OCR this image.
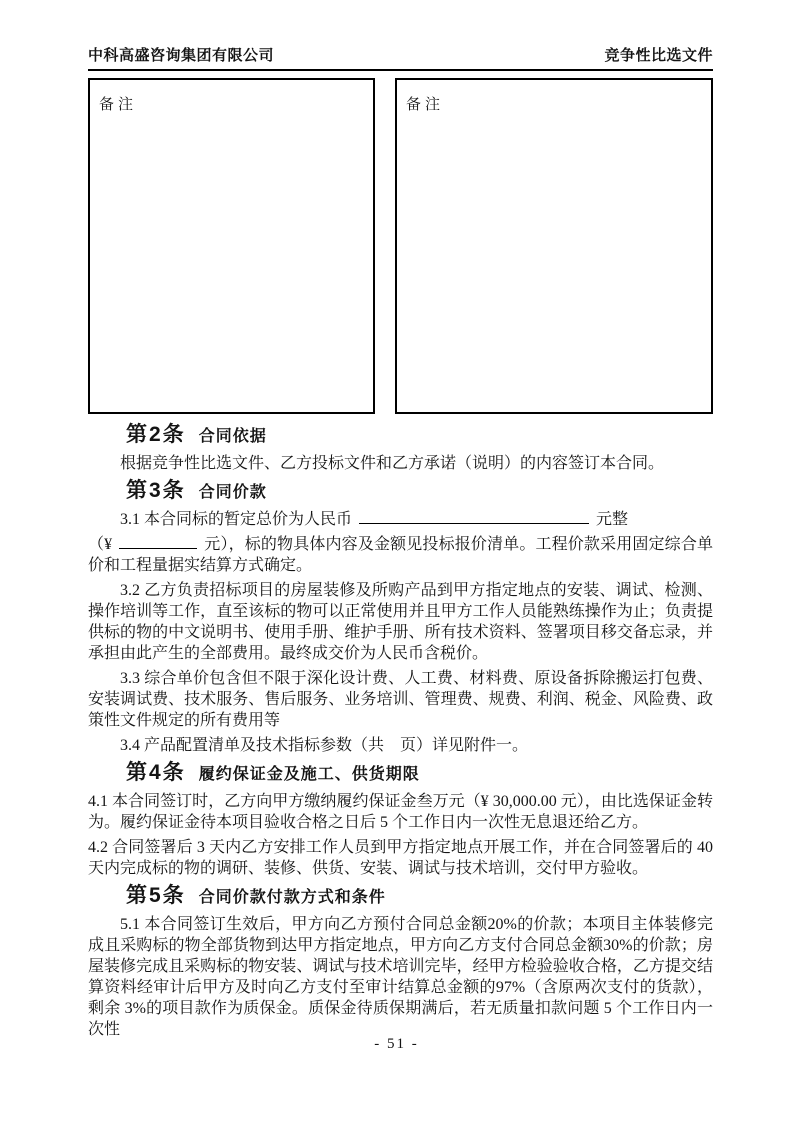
中科高盛咨询集团有限公司	竞争性比选文件
备注	备注
第2条 合同依据
根据竞争性比选文件、乙方投标文件和乙方承诺（说明）的内容签订本合同。
第3条 合同价款
3.1 本合同标的暂定总价为人民币	元整
（¥	元），标的物具体内容及金额见投标报价清单。工程价款采用固定综合单价和工程量据实结算方式确定。
3.2 乙方负责招标项目的房屋装修及所购产品到甲方指定地点的安装、调试、检测、操作培训等工作，直至该标的物可以正常使用并且甲方工作人员能熟练操作为止；负责提供标的物的中文说明书、使用手册、维护手册、所有技术资料、签署项目移交备忘录，并承担由此产生的全部费用。最终成交价为人民币含税价。
3.3 综合单价包含但不限于深化设计费、人工费、材料费、原设备拆除搬运打包费、安装调试费、技术服务、售后服务、业务培训、管理费、规费、利润、税金、风险费、政策性文件规定的所有费用等
3.4 产品配置清单及技术指标参数（共　页）详见附件一。
第4条 履约保证金及施工、供货期限
4.1 本合同签订时，乙方向甲方缴纳履约保证金叁万元（¥ 30,000.00 元），由比选保证金转为。履约保证金待本项目验收合格之日后 5 个工作日内一次性无息退还给乙方。
4.2 合同签署后 3 天内乙方安排工作人员到甲方指定地点开展工作，并在合同签署后的 40 天内完成标的物的调研、装修、供货、安装、调试与技术培训，交付甲方验收。
第5条 合同价款付款方式和条件
5.1 本合同签订生效后，甲方向乙方预付合同总金额20%的价款；本项目主体装修完成且采购标的物全部货物到达甲方指定地点，甲方向乙方支付合同总金额30%的价款；房屋装修完成且采购标的物安装、调试与技术培训完毕，经甲方检验验收合格，乙方提交结算资料经审计后甲方及时向乙方支付至审计结算总金额的97%（含原两次支付的货款），剩余 3%的项目款作为质保金。质保金待质保期满后，若无质量扣款问题 5 个工作日内一次性
- 51 -
